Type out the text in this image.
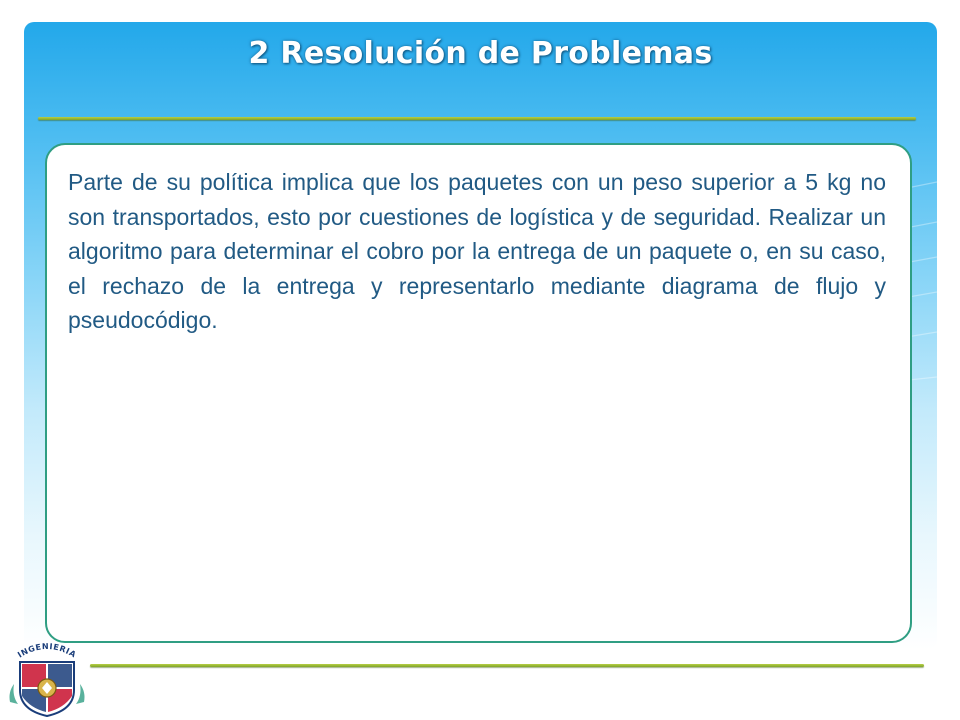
2 Resolución de Problemas

Parte de su política implica que los paquetes con un peso superior a 5 kg no son transportados, esto por cuestiones de logística y de seguridad. Realizar un algoritmo para determinar el cobro por la entrega de un paquete o, en su caso, el rechazo de la entrega y representarlo mediante diagrama de flujo y pseudocódigo.

INGENIERIA
